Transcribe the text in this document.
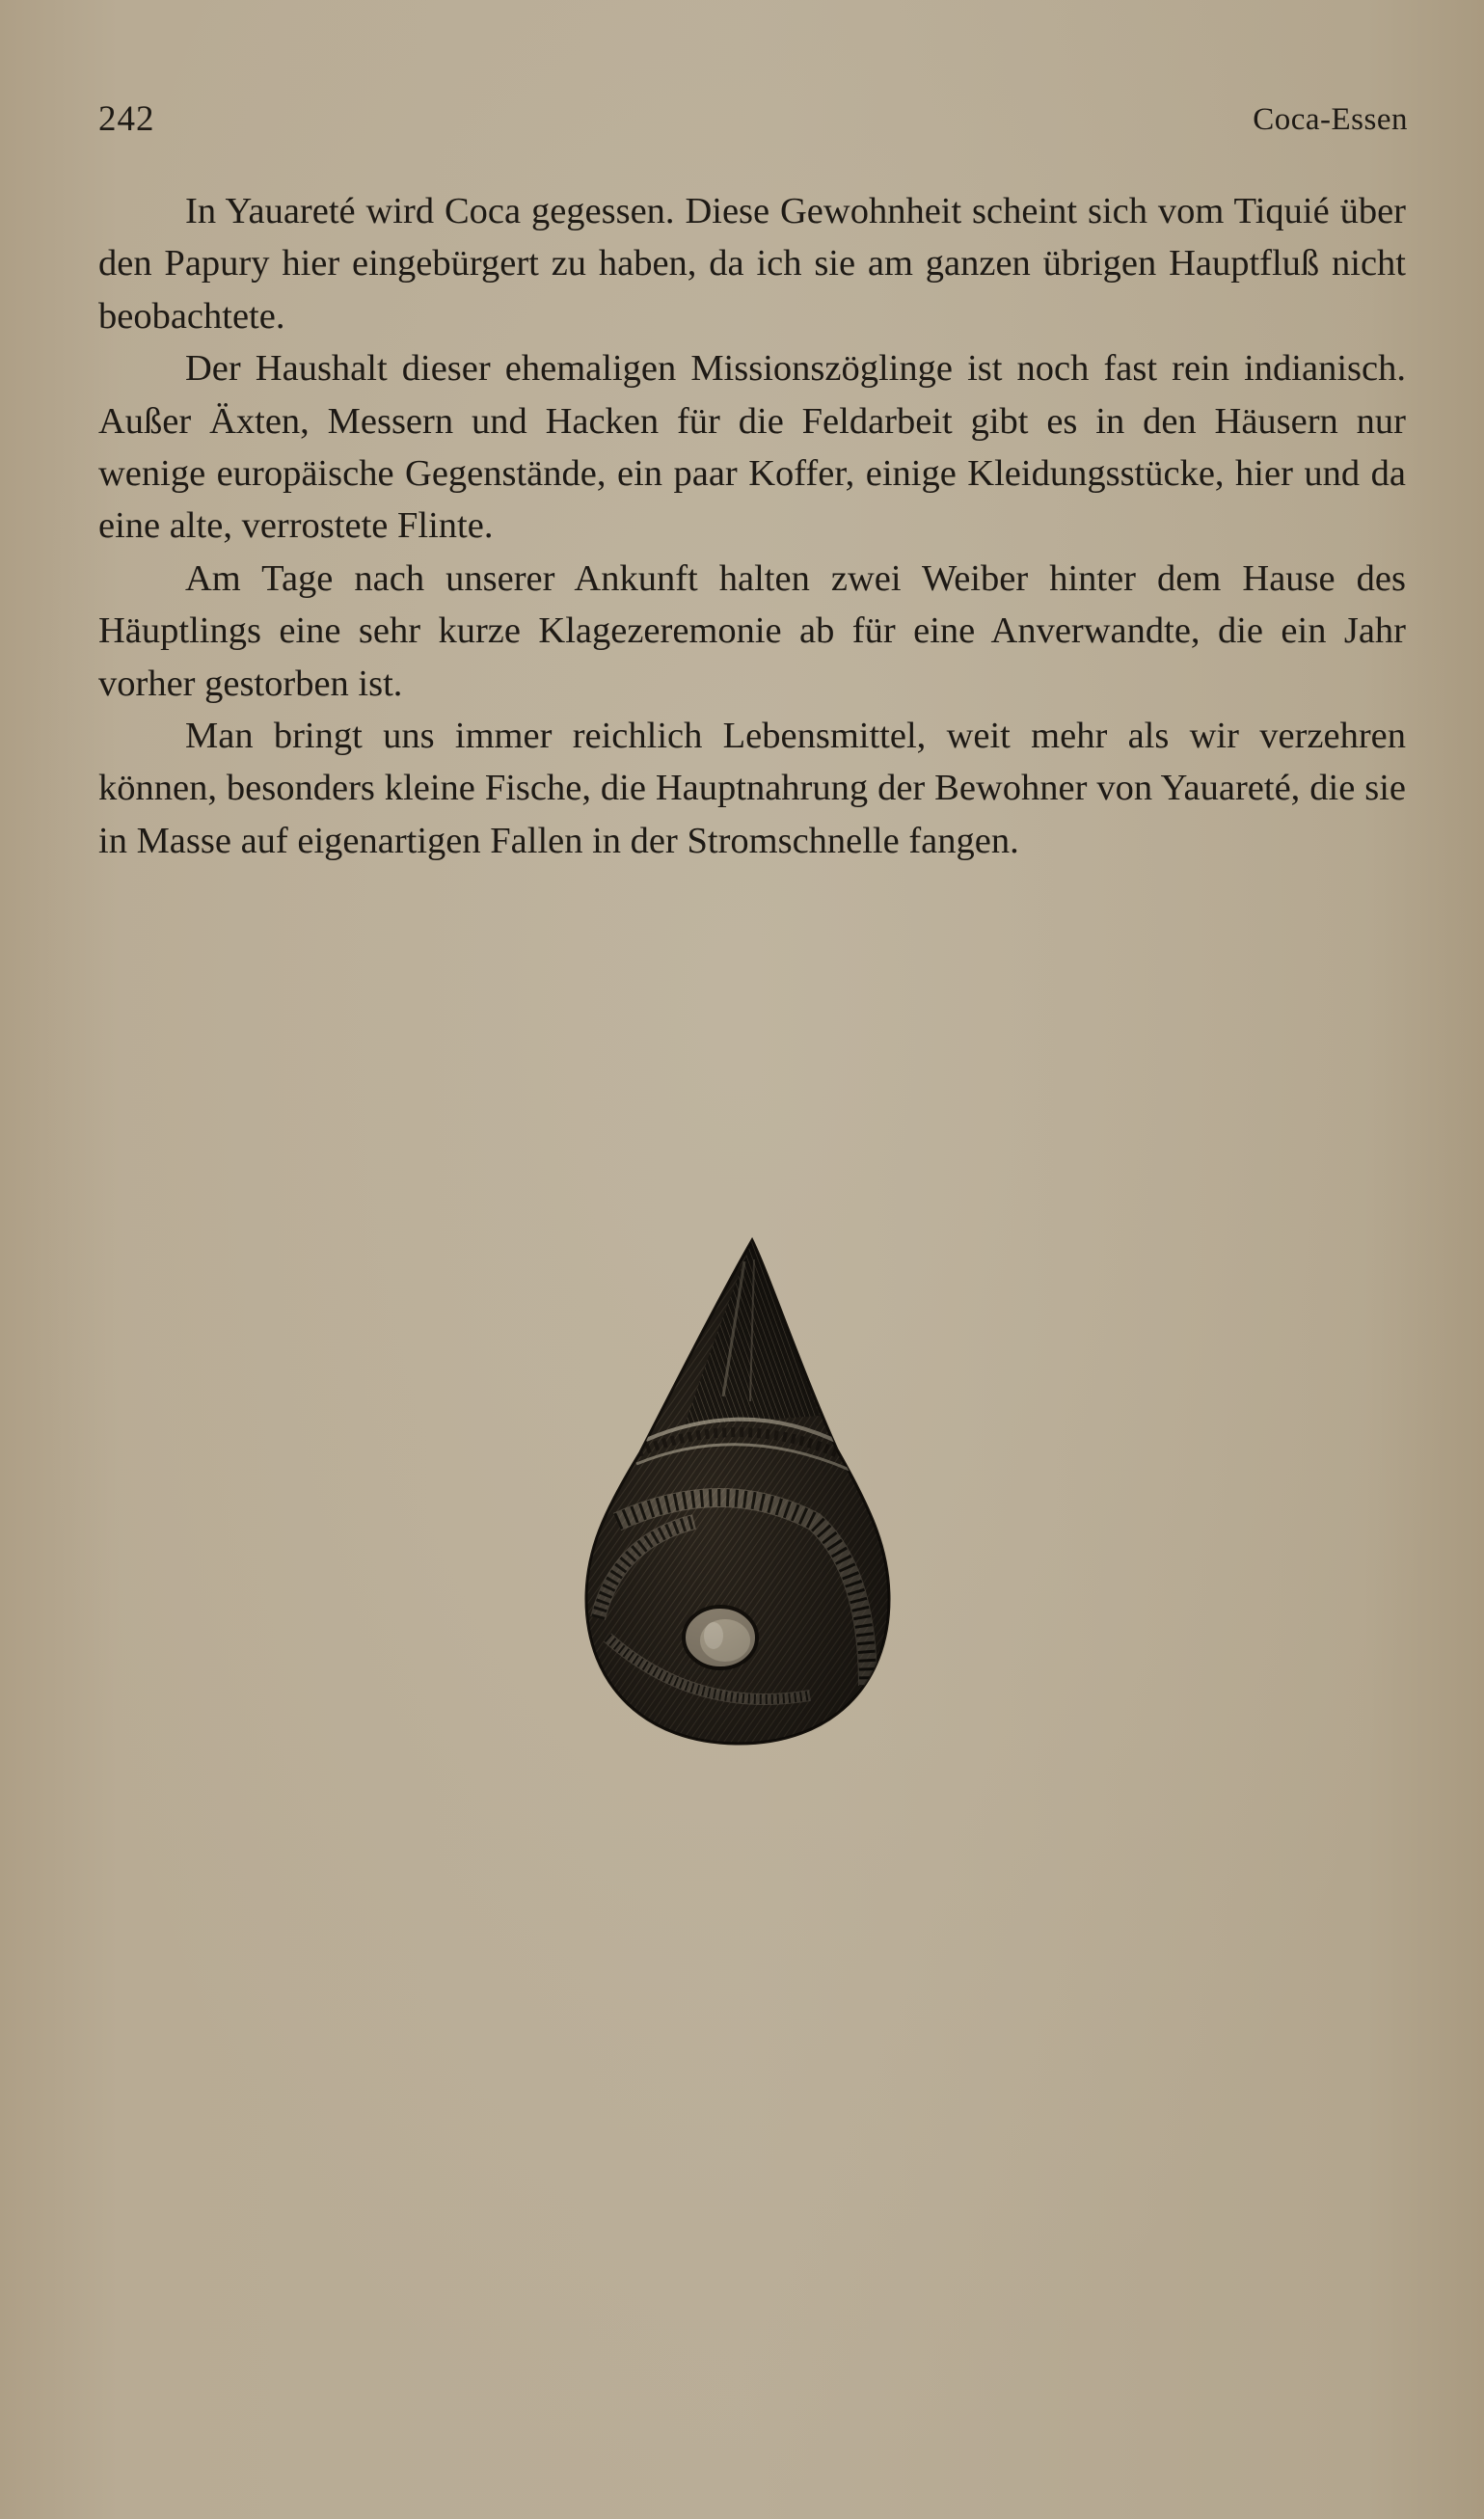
242	Coca-Essen

In Yauareté wird Coca gegessen. Diese Gewohnheit scheint sich vom Tiquié über den Papury hier eingebürgert zu haben, da ich sie am ganzen übrigen Hauptfluß nicht beobachtete.

Der Haushalt dieser ehemaligen Missionszöglinge ist noch fast rein indianisch. Außer Äxten, Messern und Hacken für die Feldarbeit gibt es in den Häusern nur wenige europäische Gegenstände, ein paar Koffer, einige Kleidungsstücke, hier und da eine alte, verrostete Flinte.

Am Tage nach unserer Ankunft halten zwei Weiber hinter dem Hause des Häuptlings eine sehr kurze Klagezeremonie ab für eine Anverwandte, die ein Jahr vorher gestorben ist.

Man bringt uns immer reichlich Lebensmittel, weit mehr als wir verzehren können, besonders kleine Fische, die Hauptnahrung der Bewohner von Yauareté, die sie in Masse auf eigenartigen Fallen in der Stromschnelle fangen.
